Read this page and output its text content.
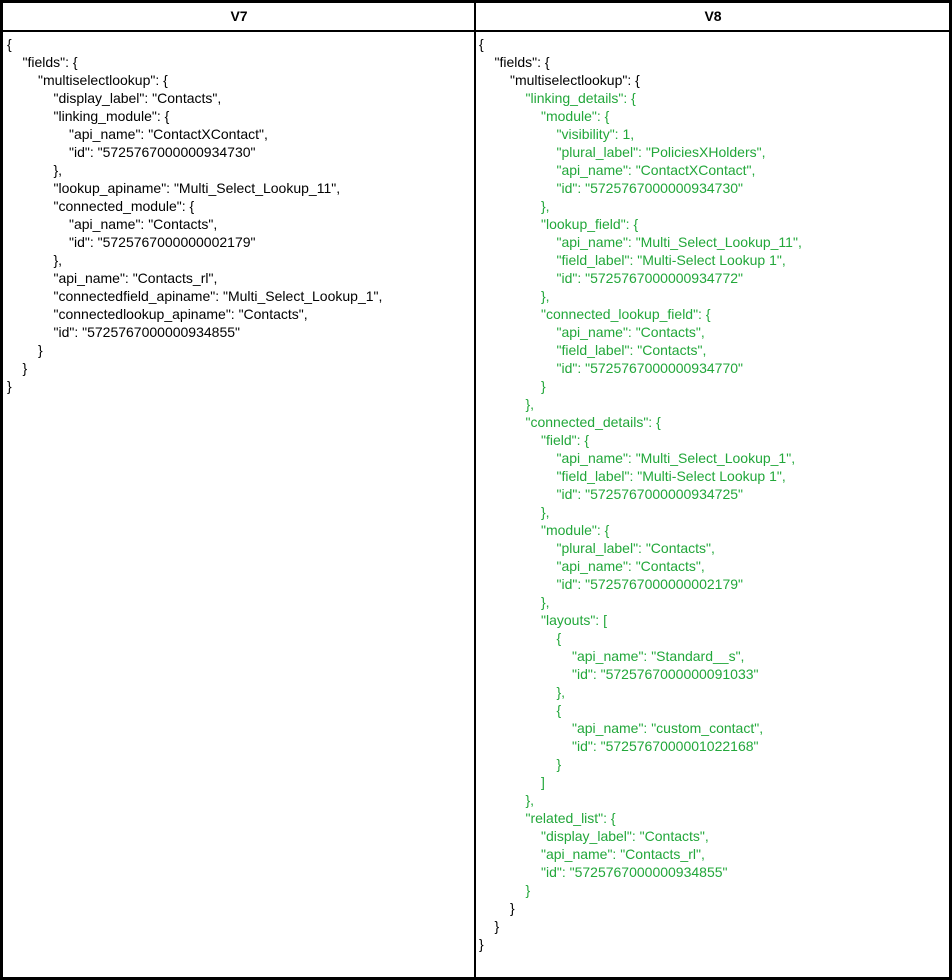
V7	V8
{
"fields": {
"multiselectlookup": {
"display_label": "Contacts",
"linking_module": {
"api_name": "ContactXContact",
"id": "5725767000000934730"
},
"lookup_apiname": "Multi_Select_Lookup_11",
"connected_module": {
"api_name": "Contacts",
"id": "5725767000000002179"
},
"api_name": "Contacts_rl",
"connectedfield_apiname": "Multi_Select_Lookup_1",
"connectedlookup_apiname": "Contacts",
"id": "5725767000000934855"
}
}
}
{
"fields": {
"multiselectlookup": {
"linking_details": {
"module": {
"visibility": 1,
"plural_label": "PoliciesXHolders",
"api_name": "ContactXContact",
"id": "5725767000000934730"
},
"lookup_field": {
"api_name": "Multi_Select_Lookup_11",
"field_label": "Multi-Select Lookup 1",
"id": "5725767000000934772"
},
"connected_lookup_field": {
"api_name": "Contacts",
"field_label": "Contacts",
"id": "5725767000000934770"
}
},
"connected_details": {
"field": {
"api_name": "Multi_Select_Lookup_1",
"field_label": "Multi-Select Lookup 1",
"id": "5725767000000934725"
},
"module": {
"plural_label": "Contacts",
"api_name": "Contacts",
"id": "5725767000000002179"
},
"layouts": [
{
"api_name": "Standard__s",
"id": "5725767000000091033"
},
{
"api_name": "custom_contact",
"id": "5725767000001022168"
}
]
},
"related_list": {
"display_label": "Contacts",
"api_name": "Contacts_rl",
"id": "5725767000000934855"
}
}
}
}
